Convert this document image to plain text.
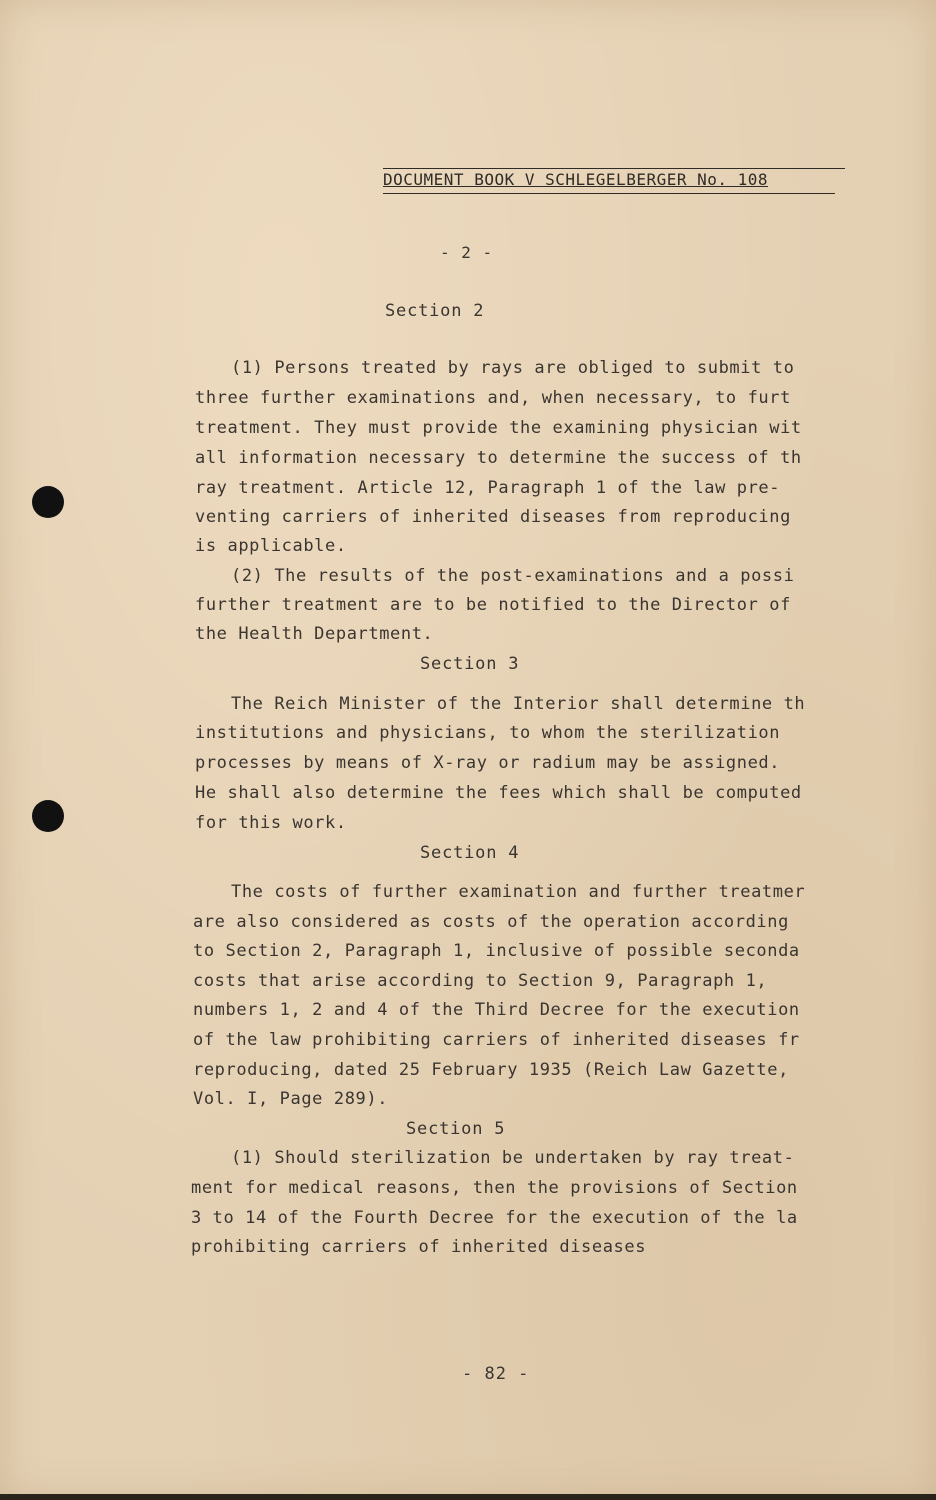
DOCUMENT BOOK V SCHLEGELBERGER No. 108
- 2 -
Section 2
(1) Persons treated by rays are obliged to submit to
three further examinations and, when necessary, to furt
treatment. They must provide the examining physician wit
all information necessary to determine the success of th
ray treatment. Article 12, Paragraph 1 of the law pre-
venting carriers of inherited diseases from reproducing
is applicable.
(2) The results of the post-examinations and a possi
further treatment are to be notified to the Director of
the Health Department.
Section 3
The Reich Minister of the Interior shall determine th
institutions and physicians, to whom the sterilization
processes by means of X-ray or radium may be assigned.
He shall also determine the fees which shall be computed
for this work.
Section 4
The costs of further examination and further treatmer
are also considered as costs of the operation according
to Section 2, Paragraph 1, inclusive of possible seconda
costs that arise according to Section 9, Paragraph 1,
numbers 1, 2 and 4 of the Third Decree for the execution
of the law prohibiting carriers of inherited diseases fr
reproducing, dated 25 February 1935 (Reich Law Gazette,
Vol. I, Page 289).
Section 5
(1) Should sterilization be undertaken by ray treat-
ment for medical reasons, then the provisions of Section
3 to 14 of the Fourth Decree for the execution of the la
prohibiting carriers of inherited diseases
- 82 -
